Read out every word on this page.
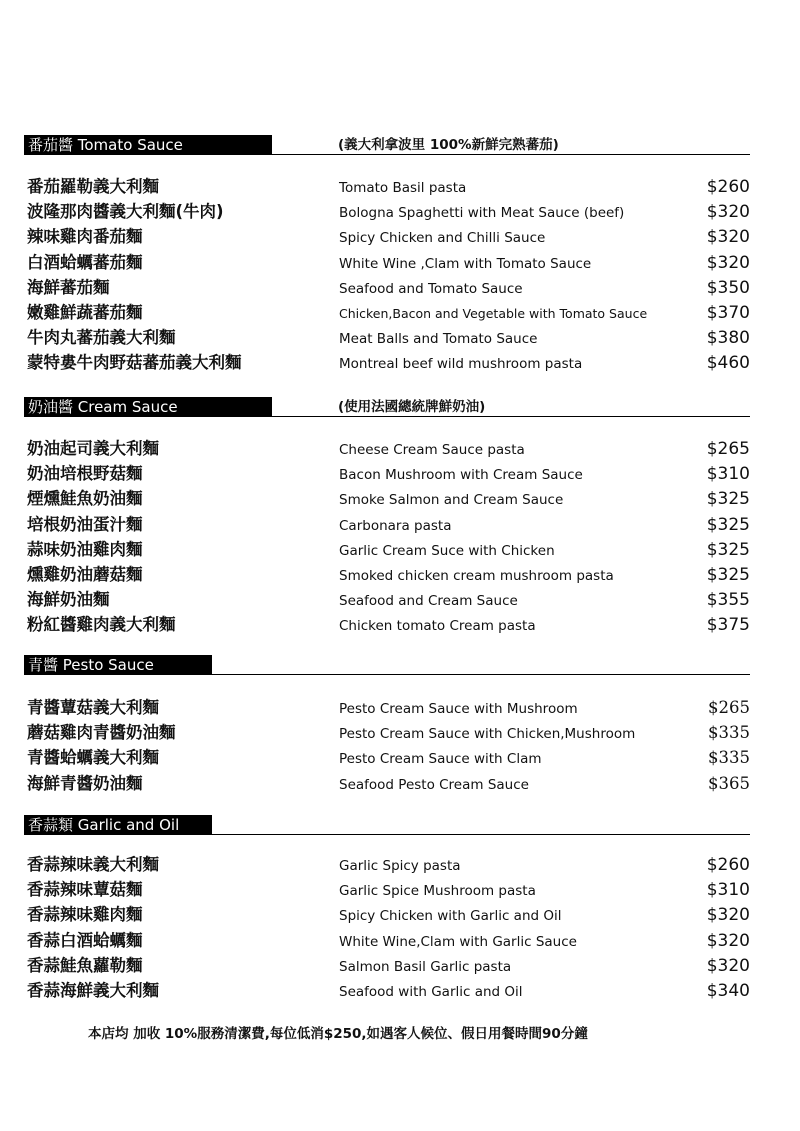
番茄醬 Tomato Sauce	(義大利拿波里 100%新鮮完熟蕃茄)
番茄羅勒義大利麵	Tomato Basil pasta	$260
波隆那肉醬義大利麵(牛肉)	Bologna Spaghetti with Meat Sauce (beef)	$320
辣味雞肉番茄麵	Spicy Chicken and Chilli Sauce	$320
白酒蛤蠣蕃茄麵	White Wine ,Clam with Tomato Sauce	$320
海鮮蕃茄麵	Seafood and Tomato Sauce	$350
嫩雞鮮蔬蕃茄麵	Chicken,Bacon and Vegetable with Tomato Sauce	$370
牛肉丸蕃茄義大利麵	Meat Balls and Tomato Sauce	$380
蒙特婁牛肉野菇蕃茄義大利麵	Montreal beef wild mushroom pasta	$460
奶油醬 Cream Sauce	(使用法國總統牌鮮奶油)
奶油起司義大利麵	Cheese Cream Sauce pasta	$265
奶油培根野菇麵	Bacon Mushroom with Cream Sauce	$310
煙燻鮭魚奶油麵	Smoke Salmon and Cream Sauce	$325
培根奶油蛋汁麵	Carbonara pasta	$325
蒜味奶油雞肉麵	Garlic Cream Suce with Chicken	$325
燻雞奶油蘑菇麵	Smoked chicken cream mushroom pasta	$325
海鮮奶油麵	Seafood and Cream Sauce	$355
粉紅醬雞肉義大利麵	Chicken tomato Cream pasta	$375
青醬 Pesto Sauce
青醬蕈菇義大利麵	Pesto Cream Sauce with Mushroom	$265
蘑菇雞肉青醬奶油麵	Pesto Cream Sauce with Chicken,Mushroom	$335
青醬蛤蠣義大利麵	Pesto Cream Sauce with Clam	$335
海鮮青醬奶油麵	Seafood Pesto Cream Sauce	$365
香蒜類 Garlic and Oil
香蒜辣味義大利麵	Garlic Spicy pasta	$260
香蒜辣味蕈菇麵	Garlic Spice Mushroom pasta	$310
香蒜辣味雞肉麵	Spicy Chicken with Garlic and Oil	$320
香蒜白酒蛤蠣麵	White Wine,Clam with Garlic Sauce	$320
香蒜鮭魚蘿勒麵	Salmon Basil Garlic pasta	$320
香蒜海鮮義大利麵	Seafood with Garlic and Oil	$340
本店均 加收 10%服務清潔費,每位低消$250,如遇客人候位、假日用餐時間90分鐘
